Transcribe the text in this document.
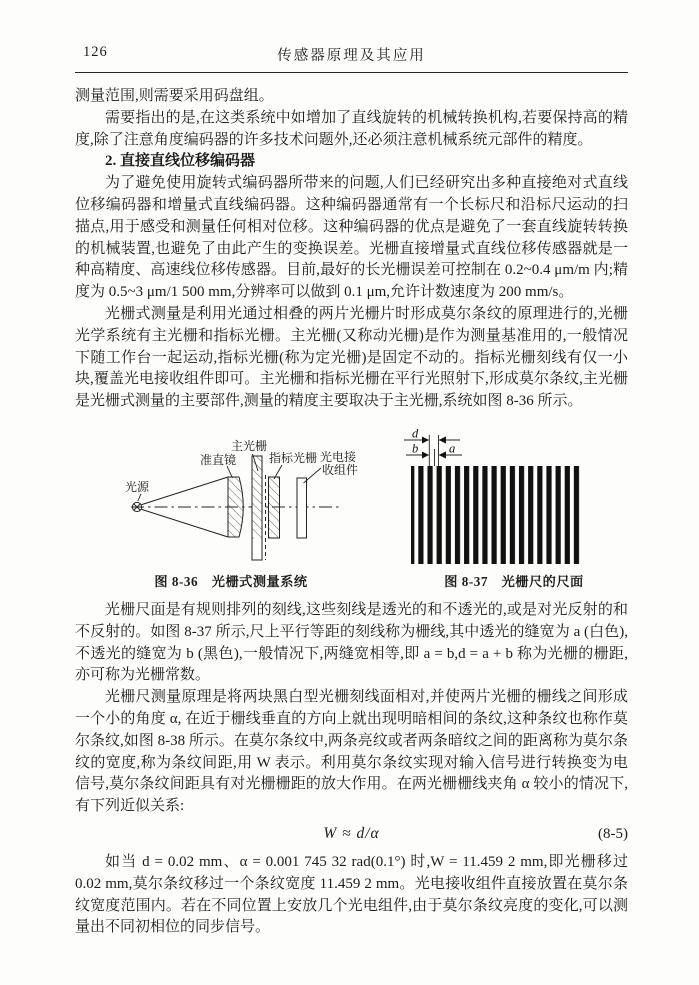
126	传感器原理及其应用

测量范围,则需要采用码盘组。

需要指出的是,在这类系统中如增加了直线旋转的机械转换机构,若要保持高的精度,除了注意角度编码器的许多技术问题外,还必须注意机械系统元部件的精度。

2. 直接直线位移编码器

为了避免使用旋转式编码器所带来的问题,人们已经研究出多种直接绝对式直线位移编码器和增量式直线编码器。这种编码器通常有一个长标尺和沿标尺运动的扫描点,用于感受和测量任何相对位移。这种编码器的优点是避免了一套直线旋转转换的机械装置,也避免了由此产生的变换误差。光栅直接增量式直线位移传感器就是一种高精度、高速线位移传感器。目前,最好的长光栅误差可控制在 0.2~0.4 μm/m 内;精度为 0.5~3 μm/1 500 mm,分辨率可以做到 0.1 μm,允许计数速度为 200 mm/s。

光栅式测量是利用光通过相叠的两片光栅片时形成莫尔条纹的原理进行的,光栅光学系统有主光栅和指标光栅。主光栅(又称动光栅)是作为测量基准用的,一般情况下随工作台一起运动,指标光栅(称为定光栅)是固定不动的。指标光栅刻线有仅一小块,覆盖光电接收组件即可。主光栅和指标光栅在平行光照射下,形成莫尔条纹,主光栅是光栅式测量的主要部件,测量的精度主要取决于主光栅,系统如图 8-36 所示。

光源
准直镜
主光栅
指标光栅 光电接
收组件
图 8-36　光栅式测量系统
d
b a
图 8-37　光栅尺的尺面

光栅尺面是有规则排列的刻线,这些刻线是透光的和不透光的,或是对光反射的和不反射的。如图 8-37 所示,尺上平行等距的刻线称为栅线,其中透光的缝宽为 a (白色),不透光的缝宽为 b (黑色),一般情况下,两缝宽相等,即 a = b,d = a + b 称为光栅的栅距,亦可称为光栅常数。

光栅尺测量原理是将两块黑白型光栅刻线面相对,并使两片光栅的栅线之间形成一个小的角度 α, 在近于栅线垂直的方向上就出现明暗相间的条纹,这种条纹也称作莫尔条纹,如图 8-38 所示。在莫尔条纹中,两条亮纹或者两条暗纹之间的距离称为莫尔条纹的宽度,称为条纹间距,用 W 表示。利用莫尔条纹实现对输入信号进行转换变为电信号,莫尔条纹间距具有对光栅栅距的放大作用。在两光栅栅线夹角 α 较小的情况下,有下列近似关系:

W ≈ d/α	(8-5)

如当 d = 0.02 mm、α = 0.001 745 32 rad(0.1°) 时,W = 11.459 2 mm,即光栅移过 0.02 mm,莫尔条纹移过一个条纹宽度 11.459 2 mm。光电接收组件直接放置在莫尔条纹宽度范围内。若在不同位置上安放几个光电组件,由于莫尔条纹亮度的变化,可以测量出不同初相位的同步信号。
